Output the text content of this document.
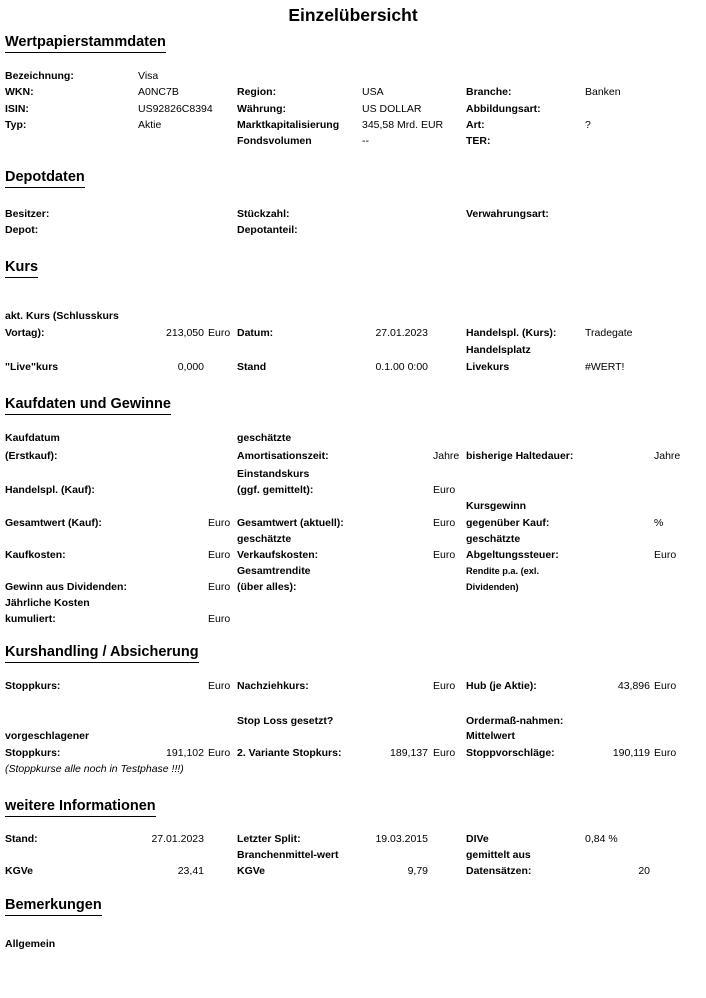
Einzelübersicht
Wertpapierstammdaten
Bezeichnung:	Visa
WKN:	A0NC7B	Region:	USA	Branche:	Banken
ISIN:	US92826C8394 Währung:	US DOLLAR	Abbildungsart:
Typ:	Aktie	Marktkapitalisierung 345,58 Mrd. EUR Art:	?
Fondsvolumen	--	TER:
Depotdaten
Besitzer:	Stückzahl:	Verwahrungsart:
Depot:	Depotanteil:
Kurs
akt. Kurs (Schlusskurs
Vortag):	213,050 Euro Datum:	27.01.2023	Handelspl. (Kurs):	Tradegate
Handelsplatz
"Live"kurs	0,000	Stand	0.1.00 0:00	Livekurs	#WERT!
Kaufdaten und Gewinne
Kaufdatum	geschätzte
(Erstkauf):	Amortisationszeit:	Jahre bisherige Haltedauer:	Jahre
Einstandskurs
Handelspl. (Kauf):	(ggf. gemittelt):	Euro
Kursgewinn
Gesamtwert (Kauf):	Euro Gesamtwert (aktuell):	Euro	gegenüber Kauf:	%
geschätzte	geschätzte
Kaufkosten:	Euro Verkaufskosten:	Euro	Abgeltungssteuer:	Euro
Gesamtrendite	Rendite p.a. (exl.
Gewinn aus Dividenden:	Euro (über alles):	Dividenden)
Jährliche Kosten
kumuliert:	Euro
Kurshandling / Absicherung
Stoppkurs:	Euro Nachziehkurs:	Euro	Hub (je Aktie):	43,896 Euro
Stop Loss gesetzt?	Ordermaß-nahmen:
vorgeschlagener	Mittelwert
Stoppkurs:	191,102 Euro 2. Variante Stopkurs:	189,137 Euro	Stoppvorschläge:	190,119 Euro
(Stoppkurse alle noch in Testphase !!!)
weitere Informationen
Stand:	27.01.2023	Letzter Split:	19.03.2015	DIVe	0,84 %
Branchenmittel-wert	gemittelt aus
KGVe	23,41	KGVe	9,79	Datensätzen:	20
Bemerkungen
Allgemein
